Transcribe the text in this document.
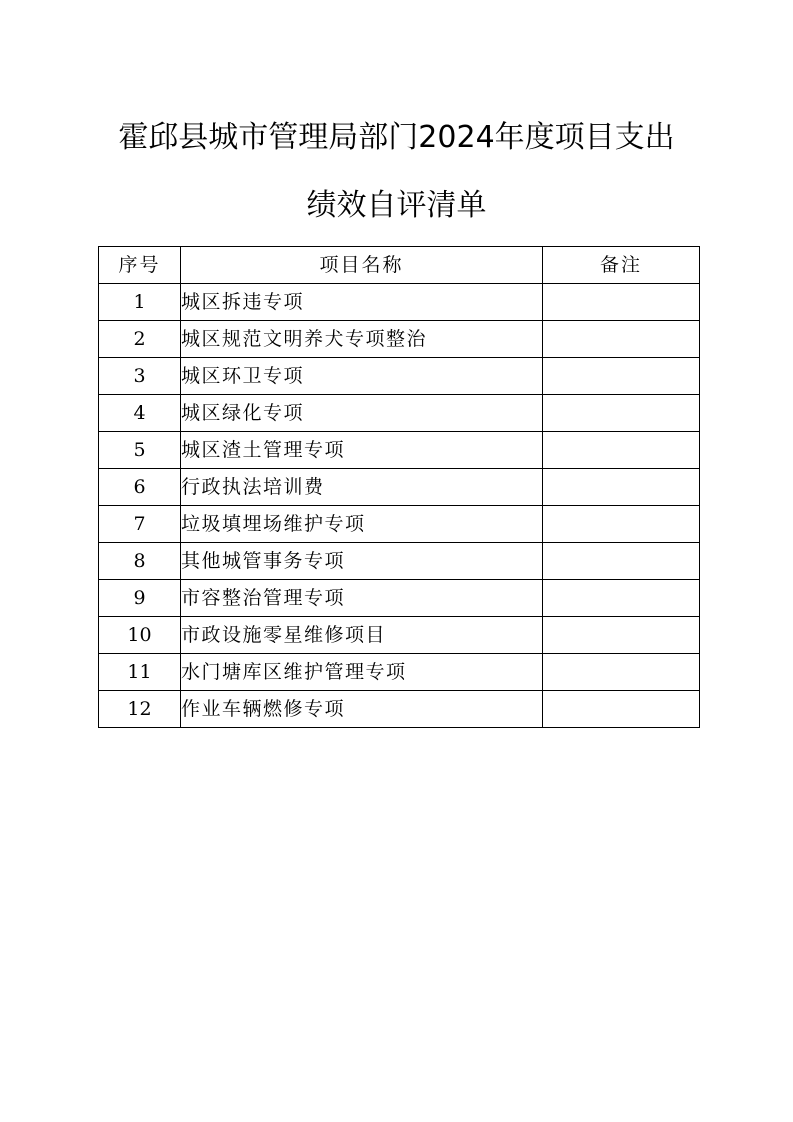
霍邱县城市管理局部门2024年度项目支出
绩效自评清单
序号	项目名称	备注
1	城区拆违专项	
2	城区规范文明养犬专项整治	
3	城区环卫专项	
4	城区绿化专项	
5	城区渣土管理专项	
6	行政执法培训费	
7	垃圾填埋场维护专项	
8	其他城管事务专项	
9	市容整治管理专项	
10	市政设施零星维修项目	
11	水门塘库区维护管理专项	
12	作业车辆燃修专项	
